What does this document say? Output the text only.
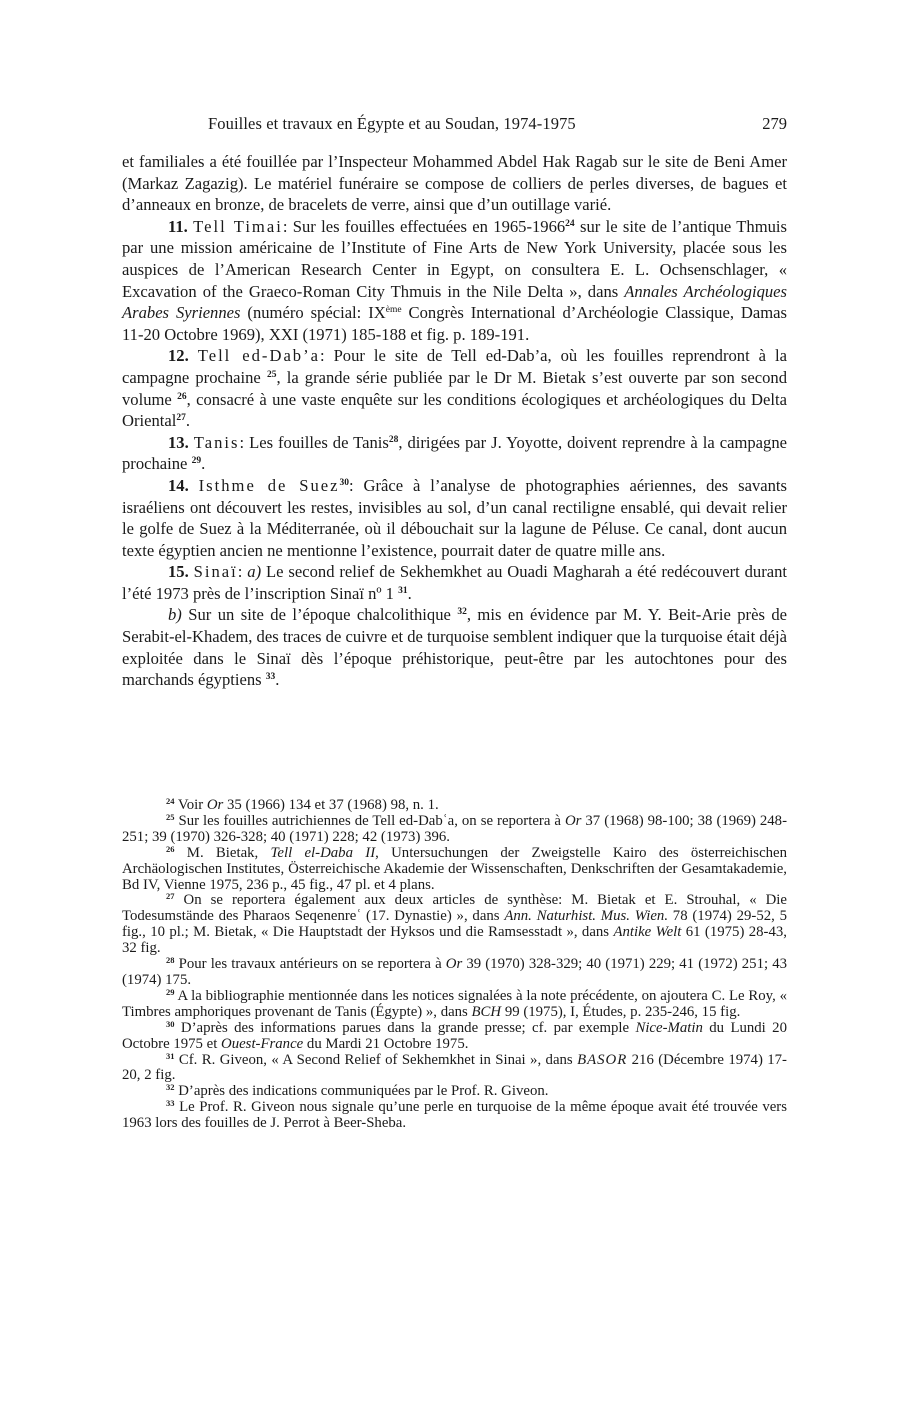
Fouilles et travaux en Égypte et au Soudan, 1974-1975	279

et familiales a été fouillée par l’Inspecteur Mohammed Abdel Hak Ragab sur le site de Beni Amer (Markaz Zagazig). Le matériel funéraire se compose de colliers de perles diverses, de bagues et d’anneaux en bronze, de bracelets de verre, ainsi que d’un outillage varié.

11. Tell Timai: Sur les fouilles effectuées en 1965-1966$^{24}$ sur le site de l’antique Thmuis par une mission américaine de l’Institute of Fine Arts de New York University, placée sous les auspices de l’American Research Center in Egypt, on consultera E. L. Ochsenschlager, « Excavation of the Graeco-Roman City Thmuis in the Nile Delta », dans Annales Archéologiques Arabes Syriennes (numéro spécial: IXème Congrès International d’Archéologie Classique, Damas 11-20 Octobre 1969), XXI (1971) 185-188 et fig. p. 189-191.

12. Tell ed-Dab’a: Pour le site de Tell ed-Dab’a, où les fouilles reprendront à la campagne prochaine $^{25}$, la grande série publiée par le Dr M. Bietak s’est ouverte par son second volume $^{26}$, consacré à une vaste enquête sur les conditions écologiques et archéologiques du Delta Oriental$^{27}$.

13. Tanis: Les fouilles de Tanis$^{28}$, dirigées par J. Yoyotte, doivent reprendre à la campagne prochaine $^{29}$.

14. Isthme de Suez$^{30}$: Grâce à l’analyse de photographies aériennes, des savants israéliens ont découvert les restes, invisibles au sol, d’un canal rectiligne ensablé, qui devait relier le golfe de Suez à la Méditerranée, où il débouchait sur la lagune de Péluse. Ce canal, dont aucun texte égyptien ancien ne mentionne l’existence, pourrait dater de quatre mille ans.

15. Sinaï: a) Le second relief de Sekhemkhet au Ouadi Magharah a été redécouvert durant l’été 1973 près de l’inscription Sinaï nº 1 $^{31}$.

b) Sur un site de l’époque chalcolithique $^{32}$, mis en évidence par M. Y. Beit-Arie près de Serabit-el-Khadem, des traces de cuivre et de turquoise semblent indiquer que la turquoise était déjà exploitée dans le Sinaï dès l’époque préhistorique, peut-être par les autochtones pour des marchands égyptiens $^{33}$.

$^{24}$ Voir Or 35 (1966) 134 et 37 (1968) 98, n. 1.

$^{25}$ Sur les fouilles autrichiennes de Tell ed-Dabʿa, on se reportera à Or 37 (1968) 98-100; 38 (1969) 248-251; 39 (1970) 326-328; 40 (1971) 228; 42 (1973) 396.

$^{26}$ M. Bietak, Tell el-Daba II, Untersuchungen der Zweigstelle Kairo des österreichischen Archäologischen Institutes, Österreichische Akademie der Wissenschaften, Denkschriften der Gesamtakademie, Bd IV, Vienne 1975, 236 p., 45 fig., 47 pl. et 4 plans.

$^{27}$ On se reportera également aux deux articles de synthèse: M. Bietak et E. Strouhal, « Die Todesumstände des Pharaos Seqenenreʿ (17. Dynastie) », dans Ann. Naturhist. Mus. Wien. 78 (1974) 29-52, 5 fig., 10 pl.; M. Bietak, « Die Hauptstadt der Hyksos und die Ramsesstadt », dans Antike Welt 61 (1975) 28-43, 32 fig.

$^{28}$ Pour les travaux antérieurs on se reportera à Or 39 (1970) 328-329; 40 (1971) 229; 41 (1972) 251; 43 (1974) 175.

$^{29}$ A la bibliographie mentionnée dans les notices signalées à la note précédente, on ajoutera C. Le Roy, « Timbres amphoriques provenant de Tanis (Égypte) », dans BCH 99 (1975), I, Études, p. 235-246, 15 fig.

$^{30}$ D’après des informations parues dans la grande presse; cf. par exemple Nice-Matin du Lundi 20 Octobre 1975 et Ouest-France du Mardi 21 Octobre 1975.

$^{31}$ Cf. R. Giveon, « A Second Relief of Sekhemkhet in Sinai », dans BASOR 216 (Décembre 1974) 17-20, 2 fig.

$^{32}$ D’après des indications communiquées par le Prof. R. Giveon.

$^{33}$ Le Prof. R. Giveon nous signale qu’une perle en turquoise de la même époque avait été trouvée vers 1963 lors des fouilles de J. Perrot à Beer-Sheba.
